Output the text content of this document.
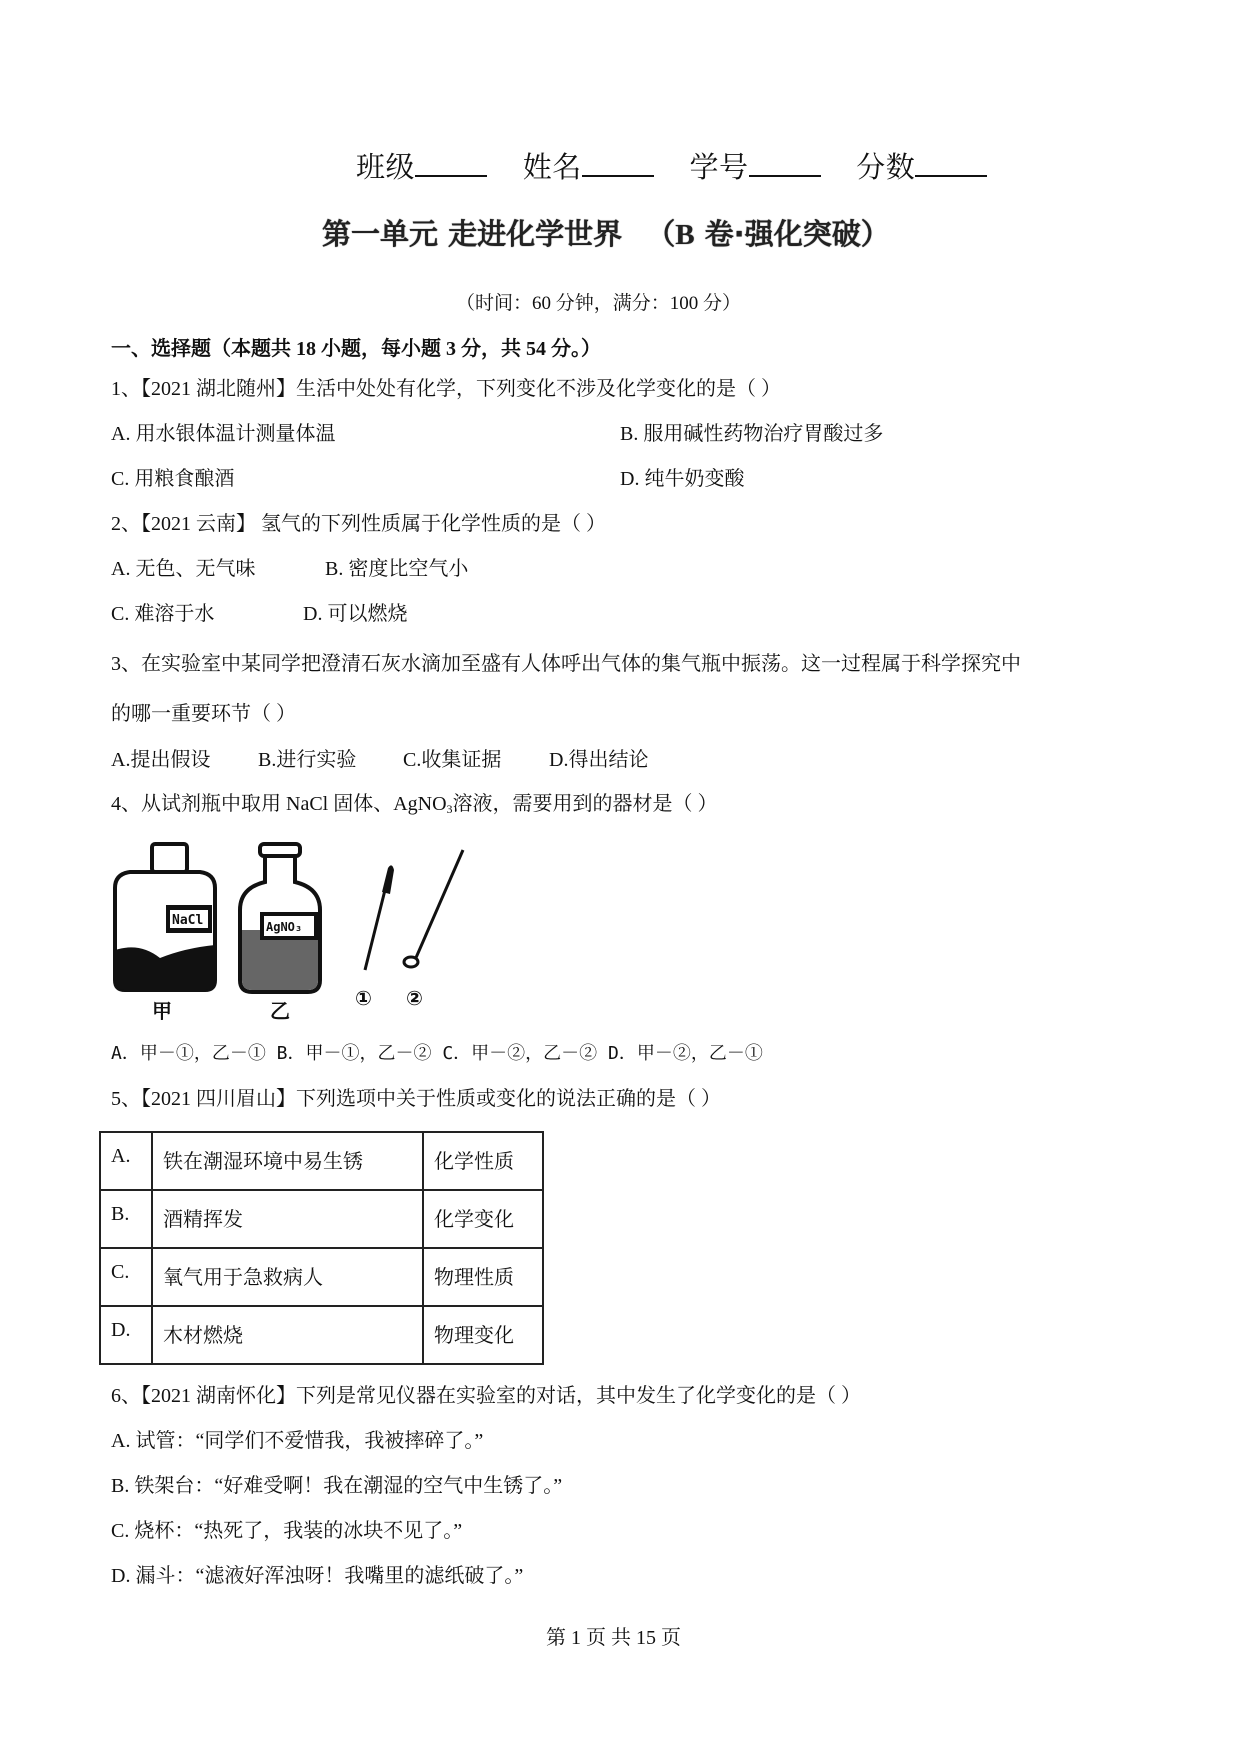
班级	姓名	学号	分数
第一单元 走进化学世界 （B 卷·强化突破）
（时间：60 分钟，满分：100 分）
一、选择题（本题共 18 小题，每小题 3 分，共 54 分。）
1、【2021 湖北随州】生活中处处有化学，下列变化不涉及化学变化的是（ ）
A. 用水银体温计测量体温	B. 服用碱性药物治疗胃酸过多
C. 用粮食酿酒	D. 纯牛奶变酸
2、【2021 云南】 氢气的下列性质属于化学性质的是（ ）
A. 无色、无气味	B. 密度比空气小
C. 难溶于水	D. 可以燃烧
3、在实验室中某同学把澄清石灰水滴加至盛有人体呼出气体的集气瓶中振荡。这一过程属于科学探究中
的哪一重要环节（ ）
A.提出假设 B.进行实验 C.收集证据 D.得出结论
4、从试剂瓶中取用 NaCl 固体、AgNO$_3$溶液，需要用到的器材是（ ）
NaCl
甲
AgNO₃
乙
① ②
A．甲－①，乙－① B．甲－①，乙－② C．甲－②，乙－② D．甲－②，乙－①
5、【2021 四川眉山】下列选项中关于性质或变化的说法正确的是（ ）
A.	铁在潮湿环境中易生锈	化学性质
B.	酒精挥发	化学变化
C.	氧气用于急救病人	物理性质
D.	木材燃烧	物理变化
6、【2021 湖南怀化】下列是常见仪器在实验室的对话，其中发生了化学变化的是（ ）
A. 试管：“同学们不爱惜我，我被摔碎了。”
B. 铁架台：“好难受啊！我在潮湿的空气中生锈了。”
C. 烧杯：“热死了，我装的冰块不见了。”
D. 漏斗：“滤液好浑浊呀！我嘴里的滤纸破了。”
第 1 页 共 15 页
